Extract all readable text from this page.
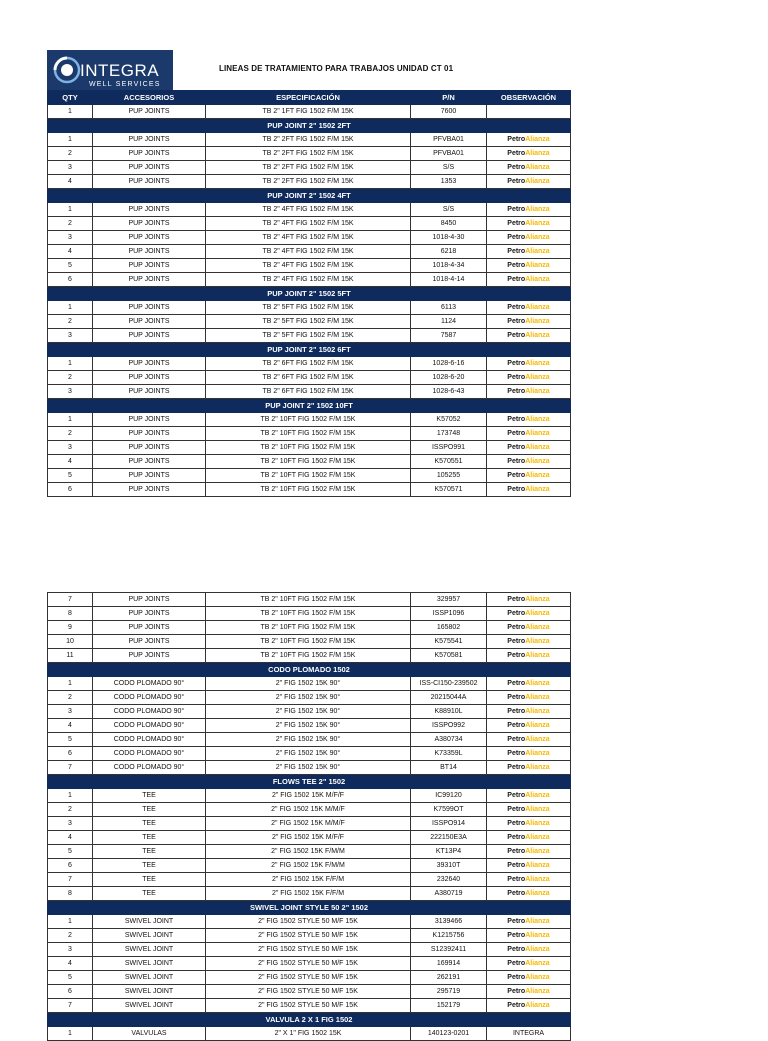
INTEGRA
WELL SERVICES
LINEAS DE TRATAMIENTO PARA TRABAJOS UNIDAD CT 01
QTY	ACCESORIOS	ESPECIFICACIÓN	P/N	OBSERVACIÓN
1	PUP JOINTS	TB 2" 1FT FIG 1502 F/M 15K	7600	
PUP JOINT 2" 1502 2FT				
1	PUP JOINTS	TB 2" 2FT FIG 1502 F/M 15K	PFVBA01	PetroAlianza
2	PUP JOINTS	TB 2" 2FT FIG 1502 F/M 15K	PFVBA01	PetroAlianza
3	PUP JOINTS	TB 2" 2FT FIG 1502 F/M 15K	S/S	PetroAlianza
4	PUP JOINTS	TB 2" 2FT FIG 1502 F/M 15K	1353	PetroAlianza
PUP JOINT 2" 1502 4FT				
1	PUP JOINTS	TB 2" 4FT FIG 1502 F/M 15K	S/S	PetroAlianza
2	PUP JOINTS	TB 2" 4FT FIG 1502 F/M 15K	8450	PetroAlianza
3	PUP JOINTS	TB 2" 4FT FIG 1502 F/M 15K	1018-4-30	PetroAlianza
4	PUP JOINTS	TB 2" 4FT FIG 1502 F/M 15K	6218	PetroAlianza
5	PUP JOINTS	TB 2" 4FT FIG 1502 F/M 15K	1018-4-34	PetroAlianza
6	PUP JOINTS	TB 2" 4FT FIG 1502 F/M 15K	1018-4-14	PetroAlianza
PUP JOINT 2" 1502 5FT				
1	PUP JOINTS	TB 2" 5FT FIG 1502 F/M 15K	6113	PetroAlianza
2	PUP JOINTS	TB 2" 5FT FIG 1502 F/M 15K	1124	PetroAlianza
3	PUP JOINTS	TB 2" 5FT FIG 1502 F/M 15K	7587	PetroAlianza
PUP JOINT 2" 1502 6FT				
1	PUP JOINTS	TB 2" 6FT FIG 1502 F/M 15K	1028-6-16	PetroAlianza
2	PUP JOINTS	TB 2" 6FT FIG 1502 F/M 15K	1028-6-20	PetroAlianza
3	PUP JOINTS	TB 2" 6FT FIG 1502 F/M 15K	1028-6-43	PetroAlianza
PUP JOINT 2" 1502 10FT				
1	PUP JOINTS	TB 2" 10FT FIG 1502 F/M 15K	K57052	PetroAlianza
2	PUP JOINTS	TB 2" 10FT FIG 1502 F/M 15K	173748	PetroAlianza
3	PUP JOINTS	TB 2" 10FT FIG 1502 F/M 15K	ISSPO991	PetroAlianza
4	PUP JOINTS	TB 2" 10FT FIG 1502 F/M 15K	K570551	PetroAlianza
5	PUP JOINTS	TB 2" 10FT FIG 1502 F/M 15K	105255	PetroAlianza
6	PUP JOINTS	TB 2" 10FT FIG 1502 F/M 15K	K570571	PetroAlianza
7	PUP JOINTS	TB 2" 10FT FIG 1502 F/M 15K	329957	PetroAlianza
8	PUP JOINTS	TB 2" 10FT FIG 1502 F/M 15K	ISSP1096	PetroAlianza
9	PUP JOINTS	TB 2" 10FT FIG 1502 F/M 15K	165802	PetroAlianza
10	PUP JOINTS	TB 2" 10FT FIG 1502 F/M 15K	K575541	PetroAlianza
11	PUP JOINTS	TB 2" 10FT FIG 1502 F/M 15K	K570581	PetroAlianza
CODO PLOMADO 1502				
1	CODO PLOMADO 90°	2" FIG 1502 15K 90°	ISS-CI150-239502	PetroAlianza
2	CODO PLOMADO 90°	2" FIG 1502 15K 90°	20215044A	PetroAlianza
3	CODO PLOMADO 90°	2" FIG 1502 15K 90°	K88910L	PetroAlianza
4	CODO PLOMADO 90°	2" FIG 1502 15K 90°	ISSPO992	PetroAlianza
5	CODO PLOMADO 90°	2" FIG 1502 15K 90°	A380734	PetroAlianza
6	CODO PLOMADO 90°	2" FIG 1502 15K 90°	K73359L	PetroAlianza
7	CODO PLOMADO 90°	2" FIG 1502 15K 90°	BT14	PetroAlianza
FLOWS TEE 2" 1502				
1	TEE	2" FIG 1502 15K M/F/F	IC99120	PetroAlianza
2	TEE	2" FIG 1502 15K M/M/F	K7599OT	PetroAlianza
3	TEE	2" FIG 1502 15K M/M/F	ISSPO914	PetroAlianza
4	TEE	2" FIG 1502 15K M/F/F	222150E3A	PetroAlianza
5	TEE	2" FIG 1502 15K F/M/M	KT13P4	PetroAlianza
6	TEE	2" FIG 1502 15K F/M/M	39310T	PetroAlianza
7	TEE	2" FIG 1502 15K F/F/M	232640	PetroAlianza
8	TEE	2" FIG 1502 15K F/F/M	A380719	PetroAlianza
SWIVEL JOINT STYLE 50 2" 1502				
1	SWIVEL JOINT	2" FIG 1502 STYLE 50 M/F 15K	3139466	PetroAlianza
2	SWIVEL JOINT	2" FIG 1502 STYLE 50 M/F 15K	K1215756	PetroAlianza
3	SWIVEL JOINT	2" FIG 1502 STYLE 50 M/F 15K	S12392411	PetroAlianza
4	SWIVEL JOINT	2" FIG 1502 STYLE 50 M/F 15K	169914	PetroAlianza
5	SWIVEL JOINT	2" FIG 1502 STYLE 50 M/F 15K	262191	PetroAlianza
6	SWIVEL JOINT	2" FIG 1502 STYLE 50 M/F 15K	295719	PetroAlianza
7	SWIVEL JOINT	2" FIG 1502 STYLE 50 M/F 15K	152179	PetroAlianza
VALVULA 2 X 1 FIG 1502				
1	VALVULAS	2" X 1" FIG 1502 15K	140123-0201	INTEGRA
